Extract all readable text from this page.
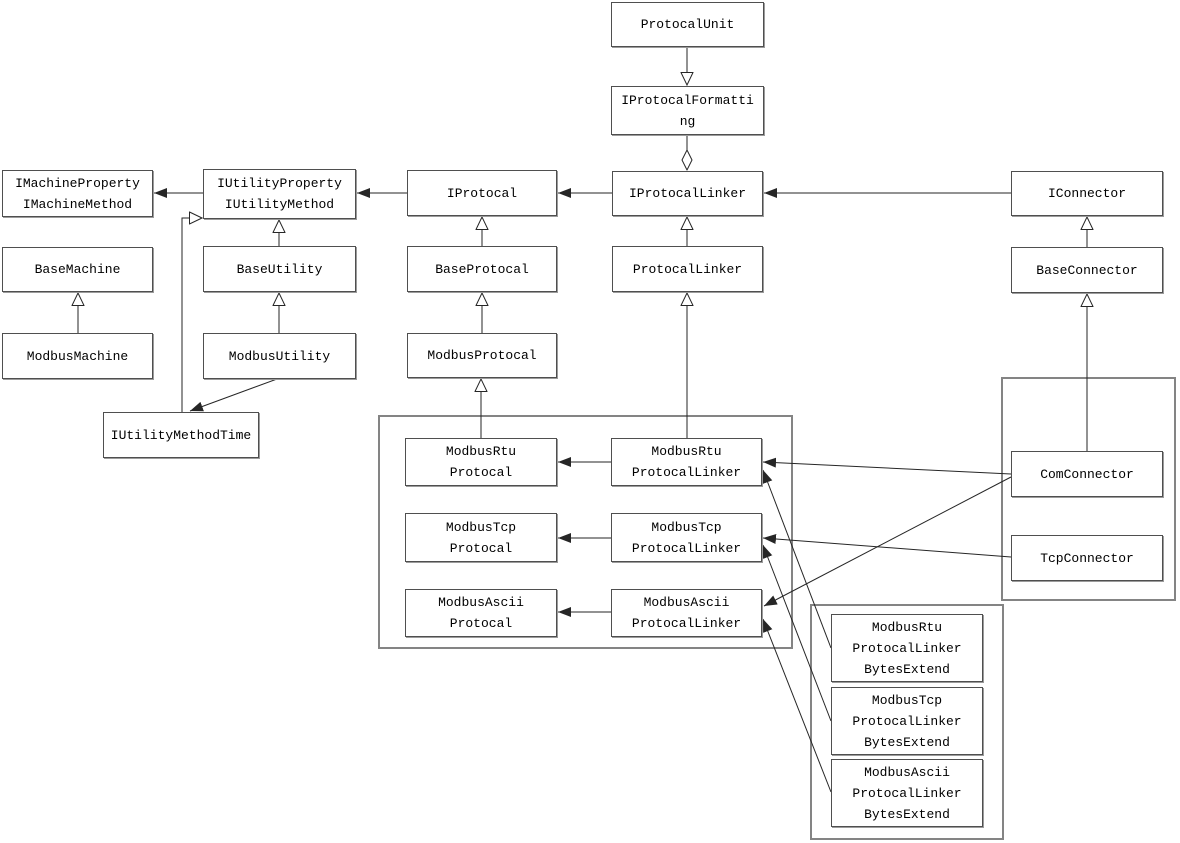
ProtocalUnit
IProtocalFormatti
ng
IMachineProperty
IMachineMethod
IUtilityProperty
IUtilityMethod
IProtocal	IProtocalLinker	IConnector
BaseMachine	BaseUtility	BaseProtocal	ProtocalLinker	BaseConnector
ModbusMachine	ModbusUtility	ModbusProtocal
IUtilityMethodTime
ModbusRtu
Protocal
ModbusRtu
ProtocalLinker
ModbusTcp
Protocal
ModbusTcp
ProtocalLinker
ModbusAscii
Protocal
ModbusAscii
ProtocalLinker
ComConnector
TcpConnector
ModbusRtu
ProtocalLinker
BytesExtend
ModbusTcp
ProtocalLinker
BytesExtend
ModbusAscii
ProtocalLinker
BytesExtend
